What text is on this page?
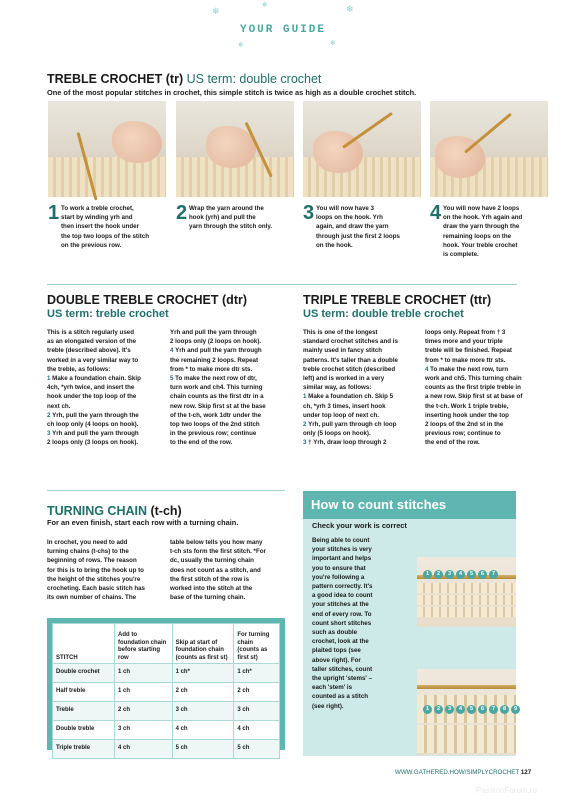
❄
❄	❄
❄	❄
YOUR GUIDE
TREBLE CROCHET (tr) US term: double crochet
One of the most popular stitches in crochet, this simple stitch is twice as high as a double crochet stitch.
1 To work a treble crochet,
start by winding yrh and
then insert the hook under
the top two loops of the stitch
on the previous row.
2 Wrap the yarn around the
hook (yrh) and pull the
yarn through the stitch only.
3 You will now have 3
loops on the hook. Yrh
again, and draw the yarn
through just the first 2 loops
on the hook.
4 You will now have 2 loops
on the hook. Yrh again and
draw the yarn through the
remaining loops on the
hook. Your treble crochet
is complete.
DOUBLE TREBLE CROCHET (dtr)
US term: treble crochet
This is a stitch regularly used
as an elongated version of the
treble (described above). It's
worked in a very similar way to
the treble, as follows:
1 Make a foundation chain. Skip
4ch, *yrh twice, and insert the
hook under the top loop of the
next ch.
2 Yrh, pull the yarn through the
ch loop only (4 loops on hook).
3 Yrh and pull the yarn through
2 loops only (3 loops on hook).
Yrh and pull the yarn through
2 loops only (2 loops on hook).
4 Yrh and pull the yarn through
the remaining 2 loops. Repeat
from * to make more dtr sts.
5 To make the next row of dtr,
turn work and ch4. This turning
chain counts as the first dtr in a
new row. Skip first st at the base
of the t-ch, work 1dtr under the
top two loops of the 2nd stitch
in the previous row; continue
to the end of the row.
TRIPLE TREBLE CROCHET (ttr)
US term: double treble crochet
This is one of the longest
standard crochet stitches and is
mainly used in fancy stitch
patterns. It's taller than a double
treble crochet stitch (described
left) and is worked in a very
similar way, as follows:
1 Make a foundation ch. Skip 5
ch, *yrh 3 times, insert hook
under top loop of next ch.
2 Yrh, pull yarn through ch loop
only (5 loops on hook).
3 † Yrh, draw loop through 2
loops only. Repeat from † 3
times more and your triple
treble will be finished. Repeat
from * to make more ttr sts.
4 To make the next row, turn
work and ch5. This turning chain
counts as the first triple treble in
a new row. Skip first st at base of
the t-ch. Work 1 triple treble,
inserting hook under the top
2 loops of the 2nd st in the
previous row; continue to
the end of the row.
TURNING CHAIN (t-ch)
For an even finish, start each row with a turning chain.
In crochet, you need to add
turning chains (t-chs) to the
beginning of rows. The reason
for this is to bring the hook up to
the height of the stitches you're
crocheting. Each basic stitch has
its own number of chains. The
table below tells you how many
t-ch sts form the first stitch. *For
dc, usually the turning chain
does not count as a stitch, and
the first stitch of the row is
worked into the stitch at the
base of the turning chain.
STITCH	Add to foundation chain before starting row	Skip at start of foundation chain (counts as first st)	For turning chain (counts as first st)
Double crochet	1 ch	1 ch*	1 ch*
Half treble	1 ch	2 ch	2 ch
Treble	2 ch	3 ch	3 ch
Double treble	3 ch	4 ch	4 ch
Triple treble	4 ch	5 ch	5 ch
How to count stitches
Check your work is correct
Being able to count
your stitches is very
important and helps
you to ensure that
you're following a
pattern correctly. It's
a good idea to count
your stitches at the
end of every row. To
count short stitches
such as double
crochet, look at the
plaited tops (see
above right). For
taller stitches, count
the upright 'stems' –
each 'stem' is
counted as a stitch
(see right).
1	2	3	4	5	6	7
1	2	3	4	5	6	7	8	9
WWW.GATHERED.HOW/SIMPLYCROCHET 127
PassionForum.ru
